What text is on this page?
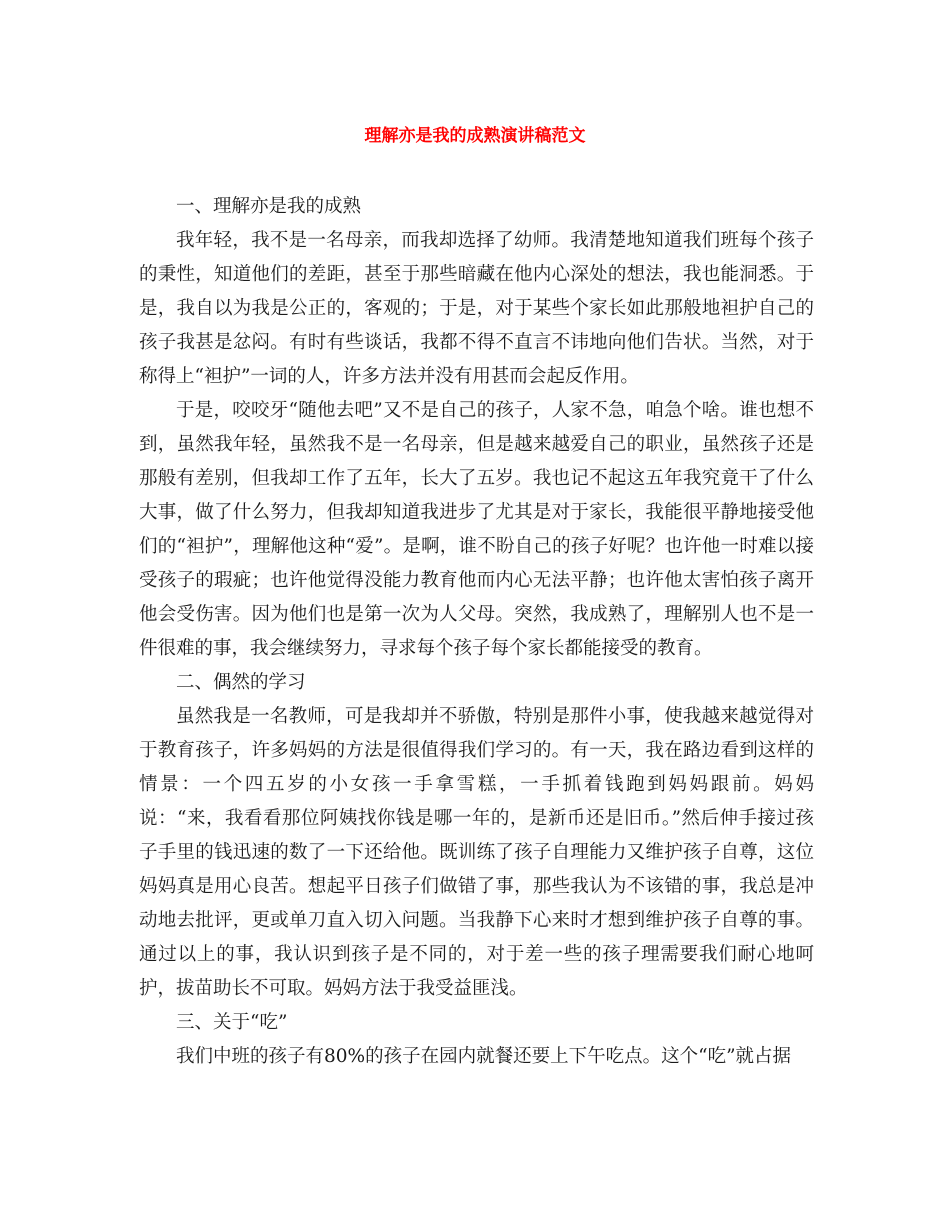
理解亦是我的成熟演讲稿范文
一、理解亦是我的成熟

我年轻，我不是一名母亲，而我却选择了幼师。我清楚地知道我们班每个孩子的秉性，知道他们的差距，甚至于那些暗藏在他内心深处的想法，我也能洞悉。于是，我自以为我是公正的，客观的；于是，对于某些个家长如此那般地袒护自己的孩子我甚是忿闷。有时有些谈话，我都不得不直言不讳地向他们告状。当然，对于称得上“袒护”一词的人，许多方法并没有用甚而会起反作用。

于是，咬咬牙“随他去吧”又不是自己的孩子，人家不急，咱急个啥。谁也想不到，虽然我年轻，虽然我不是一名母亲，但是越来越爱自己的职业，虽然孩子还是那般有差别，但我却工作了五年，长大了五岁。我也记不起这五年我究竟干了什么大事，做了什么努力，但我却知道我进步了尤其是对于家长，我能很平静地接受他们的“袒护”，理解他这种“爱”。是啊，谁不盼自己的孩子好呢？也许他一时难以接受孩子的瑕疵；也许他觉得没能力教育他而内心无法平静；也许他太害怕孩子离开他会受伤害。因为他们也是第一次为人父母。突然，我成熟了，理解别人也不是一件很难的事，我会继续努力，寻求每个孩子每个家长都能接受的教育。

二、偶然的学习

虽然我是一名教师，可是我却并不骄傲，特别是那件小事，使我越来越觉得对于教育孩子，许多妈妈的方法是很值得我们学习的。有一天，我在路边看到这样的情景：一个四五岁的小女孩一手拿雪糕，一手抓着钱跑到妈妈跟前。妈妈说：“来，我看看那位阿姨找你钱是哪一年的，是新币还是旧币。”然后伸手接过孩子手里的钱迅速的数了一下还给他。既训练了孩子自理能力又维护孩子自尊，这位妈妈真是用心良苦。想起平日孩子们做错了事，那些我认为不该错的事，我总是冲动地去批评，更或单刀直入切入问题。当我静下心来时才想到维护孩子自尊的事。通过以上的事，我认识到孩子是不同的，对于差一些的孩子理需要我们耐心地呵护，拔苗助长不可取。妈妈方法于我受益匪浅。

三、关于“吃”

我们中班的孩子有80%的孩子在园内就餐还要上下午吃点。这个“吃”就占据
